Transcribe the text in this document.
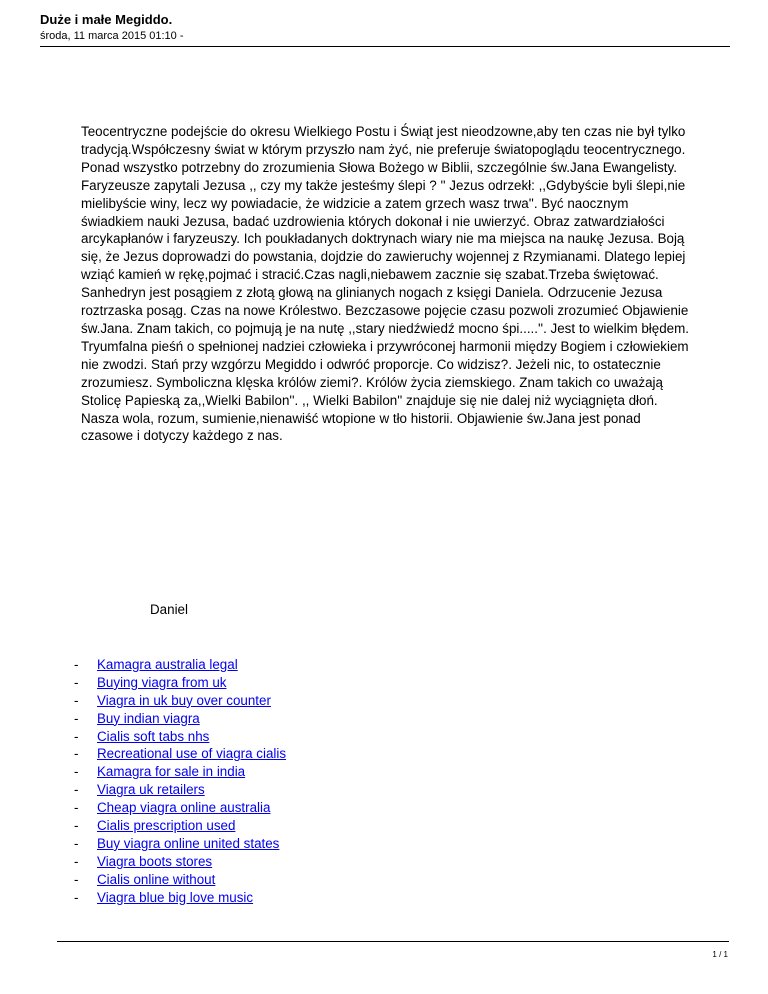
Duże i małe Megiddo.
środa, 11 marca 2015 01:10 -

Teocentryczne podejście do okresu Wielkiego Postu i Świąt jest nieodzowne,aby ten czas nie był tylko tradycją.Współczesny świat w którym przyszło nam żyć, nie preferuje światopoglądu teocentrycznego. Ponad wszystko potrzebny do zrozumienia Słowa Bożego w Biblii, szczególnie św.Jana Ewangelisty. Faryzeusze zapytali Jezusa ,, czy my także jesteśmy ślepi ? '' Jezus odrzekł: ,,Gdybyście byli ślepi,nie mielibyście winy, lecz wy powiadacie, że widzicie a zatem grzech wasz trwa''. Być naocznym świadkiem nauki Jezusa, badać uzdrowienia których dokonał i nie uwierzyć. Obraz zatwardziałości arcykapłanów i faryzeuszy. Ich poukładanych doktrynach wiary nie ma miejsca na naukę Jezusa. Boją się, że Jezus doprowadzi do powstania, dojdzie do zawieruchy wojennej z Rzymianami. Dlatego lepiej wziąć kamień w rękę,pojmać i stracić.Czas nagli,niebawem zacznie się szabat.Trzeba świętować. Sanhedryn jest posągiem z złotą głową na glinianych nogach z księgi Daniela. Odrzucenie Jezusa roztrzaska posąg. Czas na nowe Królestwo. Bezczasowe pojęcie czasu pozwoli zrozumieć Objawienie św.Jana. Znam takich, co pojmują je na nutę ,,stary niedźwiedź mocno śpi.....''. Jest to wielkim błędem. Tryumfalna pieśń o spełnionej nadziei człowieka i przywróconej harmonii między Bogiem i człowiekiem nie zwodzi. Stań przy wzgórzu Megiddo i odwróć proporcje. Co widzisz?. Jeżeli nic, to ostatecznie zrozumiesz. Symboliczna klęska królów ziemi?. Królów życia ziemskiego. Znam takich co uważają Stolicę Papieską za,,Wielki Babilon''. ,, Wielki Babilon'' znajduje się nie dalej niż wyciągnięta dłoń. Nasza wola, rozum, sumienie,nienawiść wtopione w tło historii. Objawienie św.Jana jest ponad czasowe i dotyczy każdego z nas.

Daniel
-	Kamagra australia legal
-	Buying viagra from uk
-	Viagra in uk buy over counter
-	Buy indian viagra
-	Cialis soft tabs nhs
-	Recreational use of viagra cialis
-	Kamagra for sale in india
-	Viagra uk retailers
-	Cheap viagra online australia
-	Cialis prescription used
-	Buy viagra online united states
-	Viagra boots stores
-	Cialis online without
-	Viagra blue big love music
1 / 1
